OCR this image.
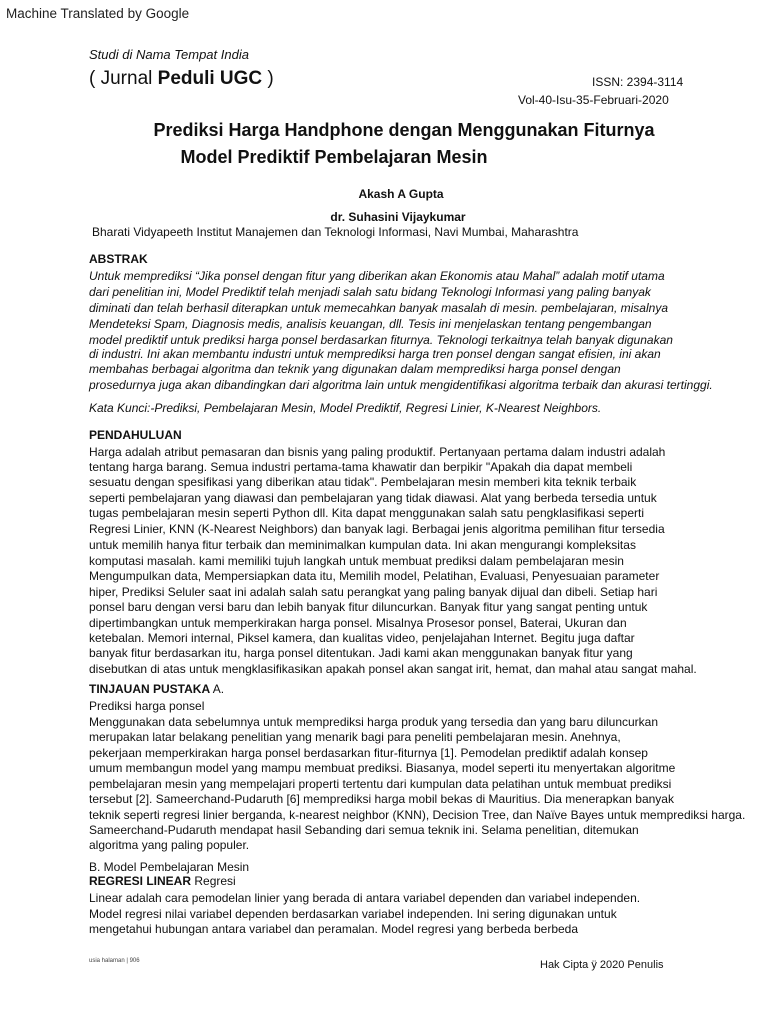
Machine Translated by Google
Studi di Nama Tempat India
( Jurnal Peduli UGC )	ISSN: 2394-3114
Vol-40-Isu-35-Februari-2020
Prediksi Harga Handphone dengan Menggunakan Fiturnya
Model Prediktif Pembelajaran Mesin
Akash A Gupta
dr. Suhasini Vijaykumar
Bharati Vidyapeeth Institut Manajemen dan Teknologi Informasi, Navi Mumbai, Maharashtra
ABSTRAK
Untuk memprediksi “Jika ponsel dengan fitur yang diberikan akan Ekonomis atau Mahal” adalah motif utama
dari penelitian ini, Model Prediktif telah menjadi salah satu bidang Teknologi Informasi yang paling banyak
diminati dan telah berhasil diterapkan untuk memecahkan banyak masalah di mesin. pembelajaran, misalnya
Mendeteksi Spam, Diagnosis medis, analisis keuangan, dll. Tesis ini menjelaskan tentang pengembangan
model prediktif untuk prediksi harga ponsel berdasarkan fiturnya. Teknologi terkaitnya telah banyak digunakan
di industri. Ini akan membantu industri untuk memprediksi harga tren ponsel dengan sangat efisien, ini akan
membahas berbagai algoritma dan teknik yang digunakan dalam memprediksi harga ponsel dengan
prosedurnya juga akan dibandingkan dari algoritma lain untuk mengidentifikasi algoritma terbaik dan akurasi tertinggi.
Kata Kunci:-Prediksi, Pembelajaran Mesin, Model Prediktif, Regresi Linier, K-Nearest Neighbors.
PENDAHULUAN
Harga adalah atribut pemasaran dan bisnis yang paling produktif. Pertanyaan pertama dalam industri adalah
tentang harga barang. Semua industri pertama-tama khawatir dan berpikir "Apakah dia dapat membeli
sesuatu dengan spesifikasi yang diberikan atau tidak". Pembelajaran mesin memberi kita teknik terbaik
seperti pembelajaran yang diawasi dan pembelajaran yang tidak diawasi. Alat yang berbeda tersedia untuk
tugas pembelajaran mesin seperti Python dll. Kita dapat menggunakan salah satu pengklasifikasi seperti
Regresi Linier, KNN (K-Nearest Neighbors) dan banyak lagi. Berbagai jenis algoritma pemilihan fitur tersedia
untuk memilih hanya fitur terbaik dan meminimalkan kumpulan data. Ini akan mengurangi kompleksitas
komputasi masalah. kami memiliki tujuh langkah untuk membuat prediksi dalam pembelajaran mesin
Mengumpulkan data, Mempersiapkan data itu, Memilih model, Pelatihan, Evaluasi, Penyesuaian parameter
hiper, Prediksi Seluler saat ini adalah salah satu perangkat yang paling banyak dijual dan dibeli. Setiap hari
ponsel baru dengan versi baru dan lebih banyak fitur diluncurkan. Banyak fitur yang sangat penting untuk
dipertimbangkan untuk memperkirakan harga ponsel. Misalnya Prosesor ponsel, Baterai, Ukuran dan
ketebalan. Memori internal, Piksel kamera, dan kualitas video, penjelajahan Internet. Begitu juga daftar
banyak fitur berdasarkan itu, harga ponsel ditentukan. Jadi kami akan menggunakan banyak fitur yang
disebutkan di atas untuk mengklasifikasikan apakah ponsel akan sangat irit, hemat, dan mahal atau sangat mahal.
TINJAUAN PUSTAKA A.
Prediksi harga ponsel
Menggunakan data sebelumnya untuk memprediksi harga produk yang tersedia dan yang baru diluncurkan
merupakan latar belakang penelitian yang menarik bagi para peneliti pembelajaran mesin. Anehnya,
pekerjaan memperkirakan harga ponsel berdasarkan fitur-fiturnya [1]. Pemodelan prediktif adalah konsep
umum membangun model yang mampu membuat prediksi. Biasanya, model seperti itu menyertakan algoritme
pembelajaran mesin yang mempelajari properti tertentu dari kumpulan data pelatihan untuk membuat prediksi
tersebut [2]. Sameerchand-Pudaruth [6] memprediksi harga mobil bekas di Mauritius. Dia menerapkan banyak
teknik seperti regresi linier berganda, k-nearest neighbor (KNN), Decision Tree, dan Naïve Bayes untuk memprediksi harga.
Sameerchand-Pudaruth mendapat hasil Sebanding dari semua teknik ini. Selama penelitian, ditemukan
algoritma yang paling populer.
B. Model Pembelajaran Mesin
REGRESI LINEAR Regresi
Linear adalah cara pemodelan linier yang berada di antara variabel dependen dan variabel independen.
Model regresi nilai variabel dependen berdasarkan variabel independen. Ini sering digunakan untuk
mengetahui hubungan antara variabel dan peramalan. Model regresi yang berbeda berbeda
usia halaman | 906	Hak Cipta ÿ 2020 Penulis
